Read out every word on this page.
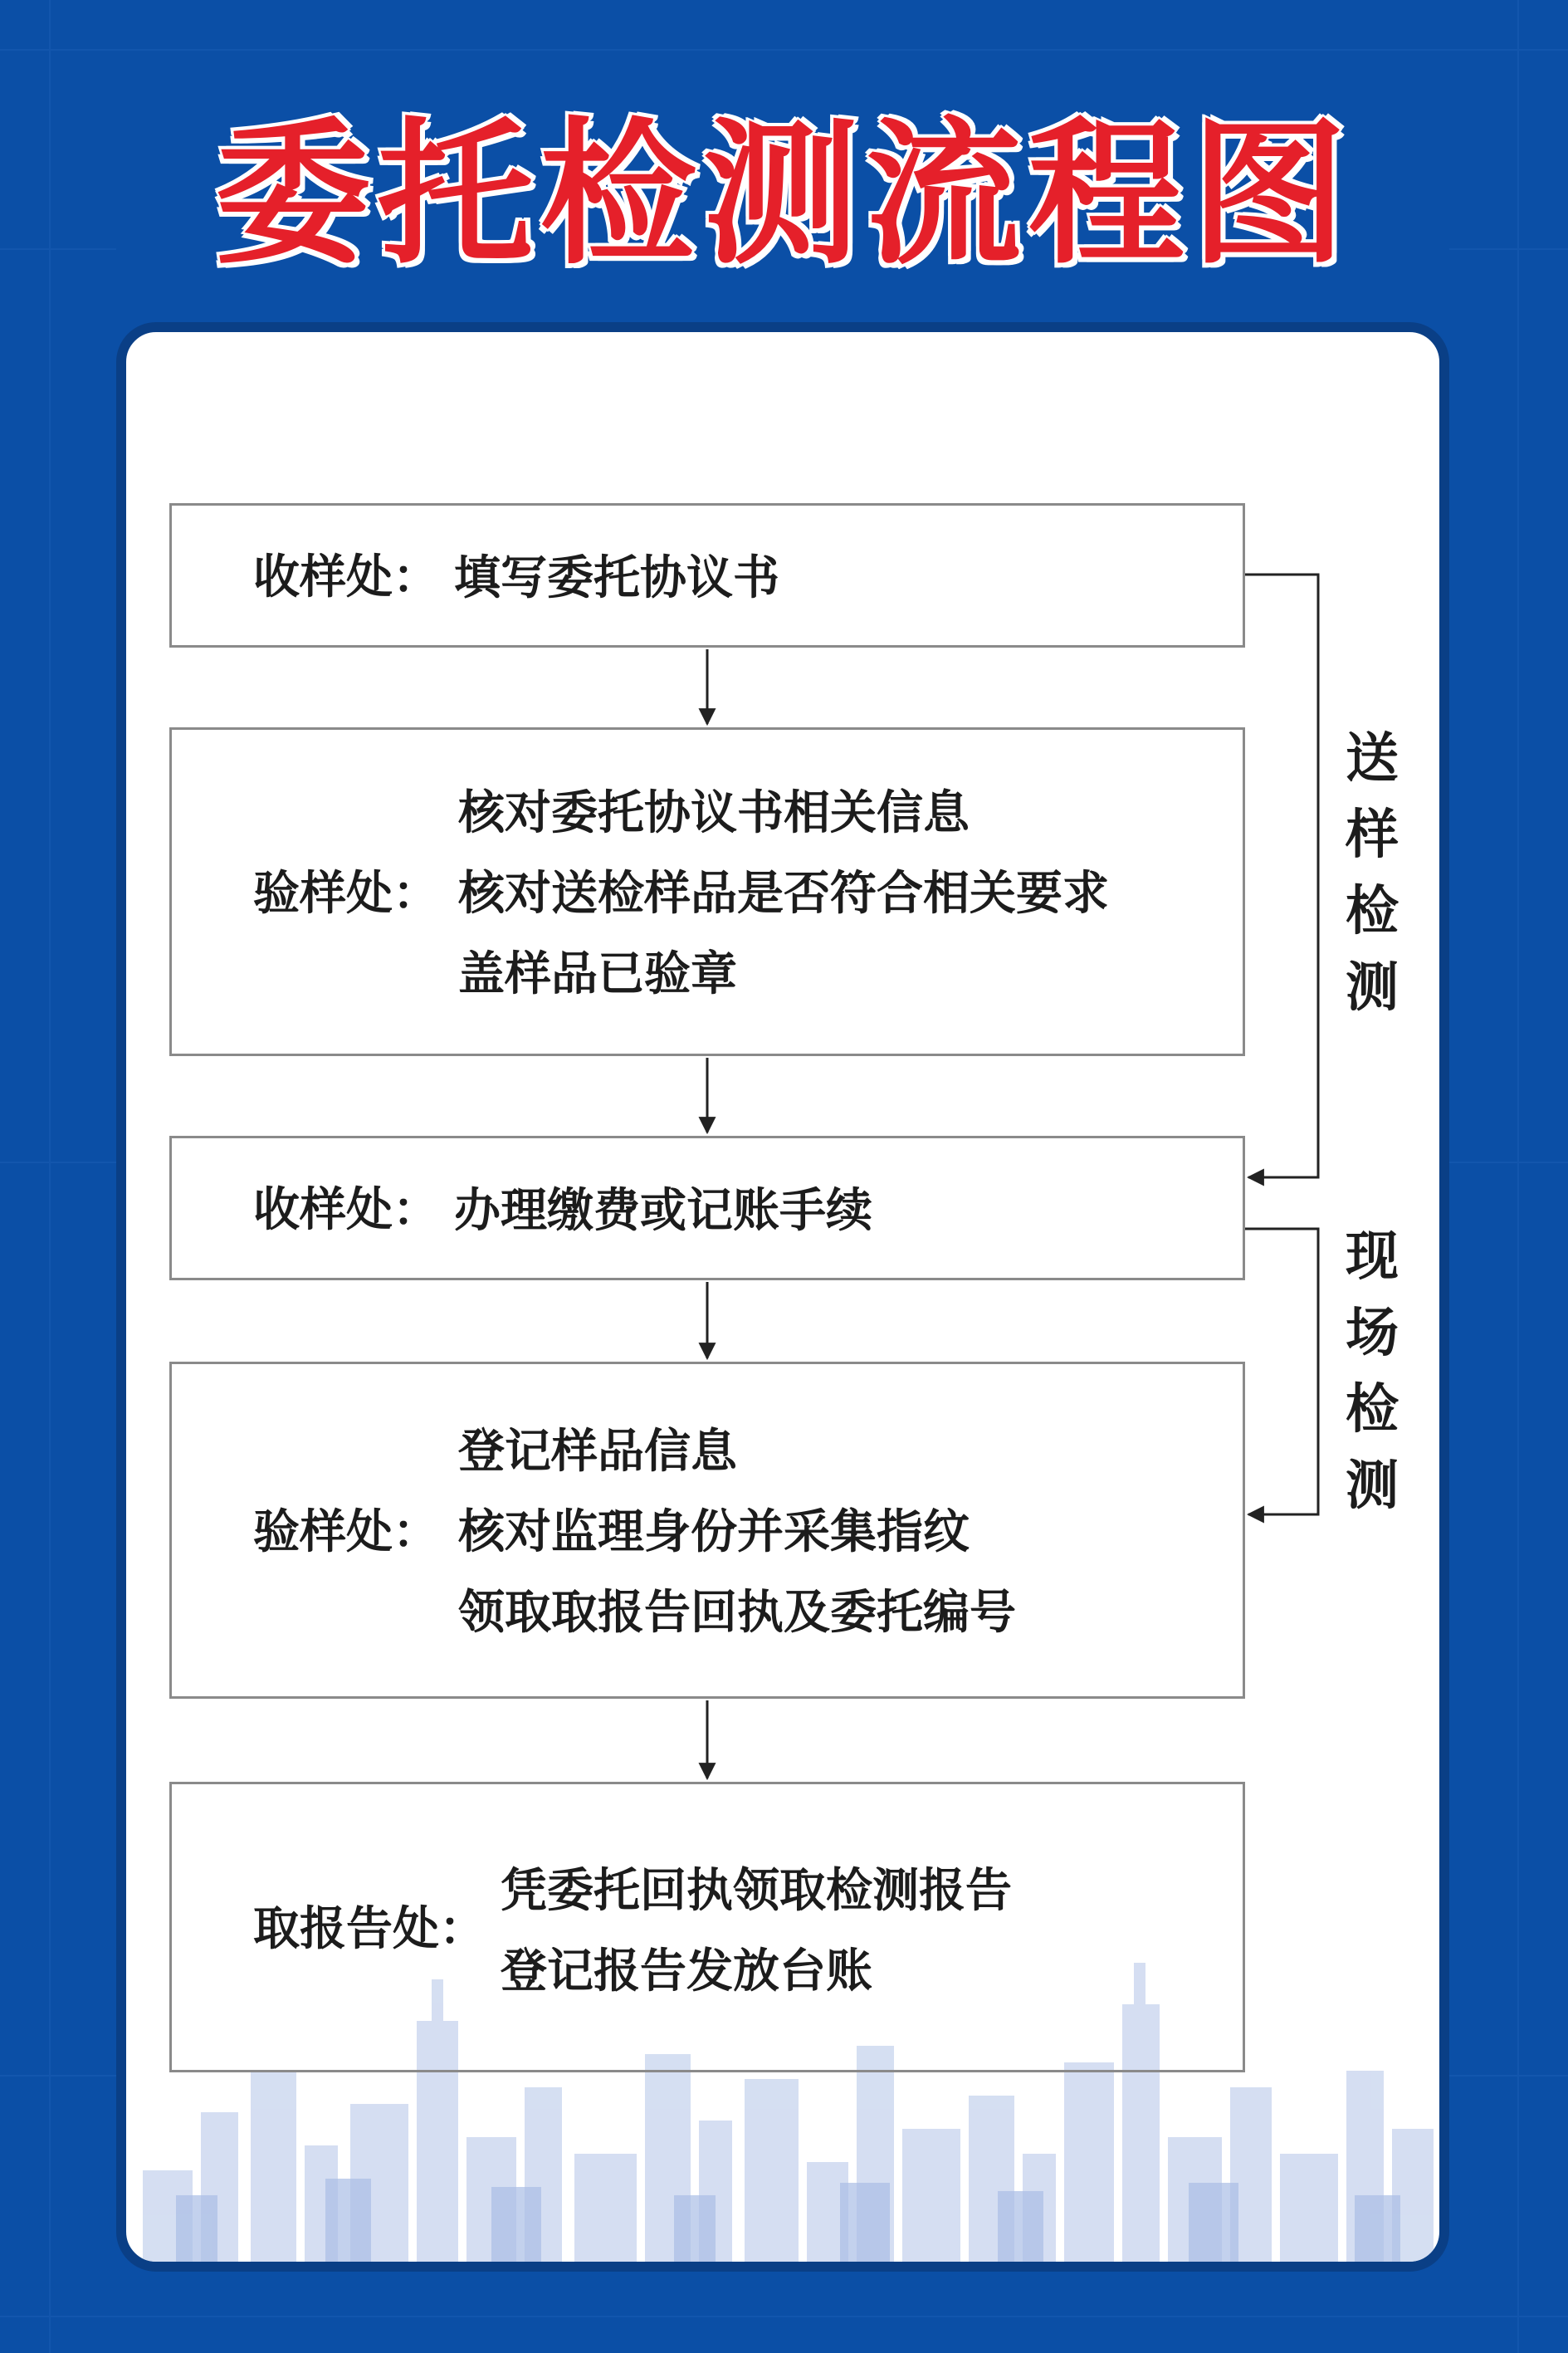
委托检测流程图
收样处： 填写委托协议书
验样处：
核对委托协议书相关信息
核对送检样品是否符合相关要求
盖样品已验章
收样处： 办理缴费或记账手续
验样处：
登记样品信息
核对监理身份并采集指纹
领取取报告回执及委托编号
取报告处：
凭委托回执领取检测报告
登记报告发放台账
送
样
检
测
现
场
检
测
